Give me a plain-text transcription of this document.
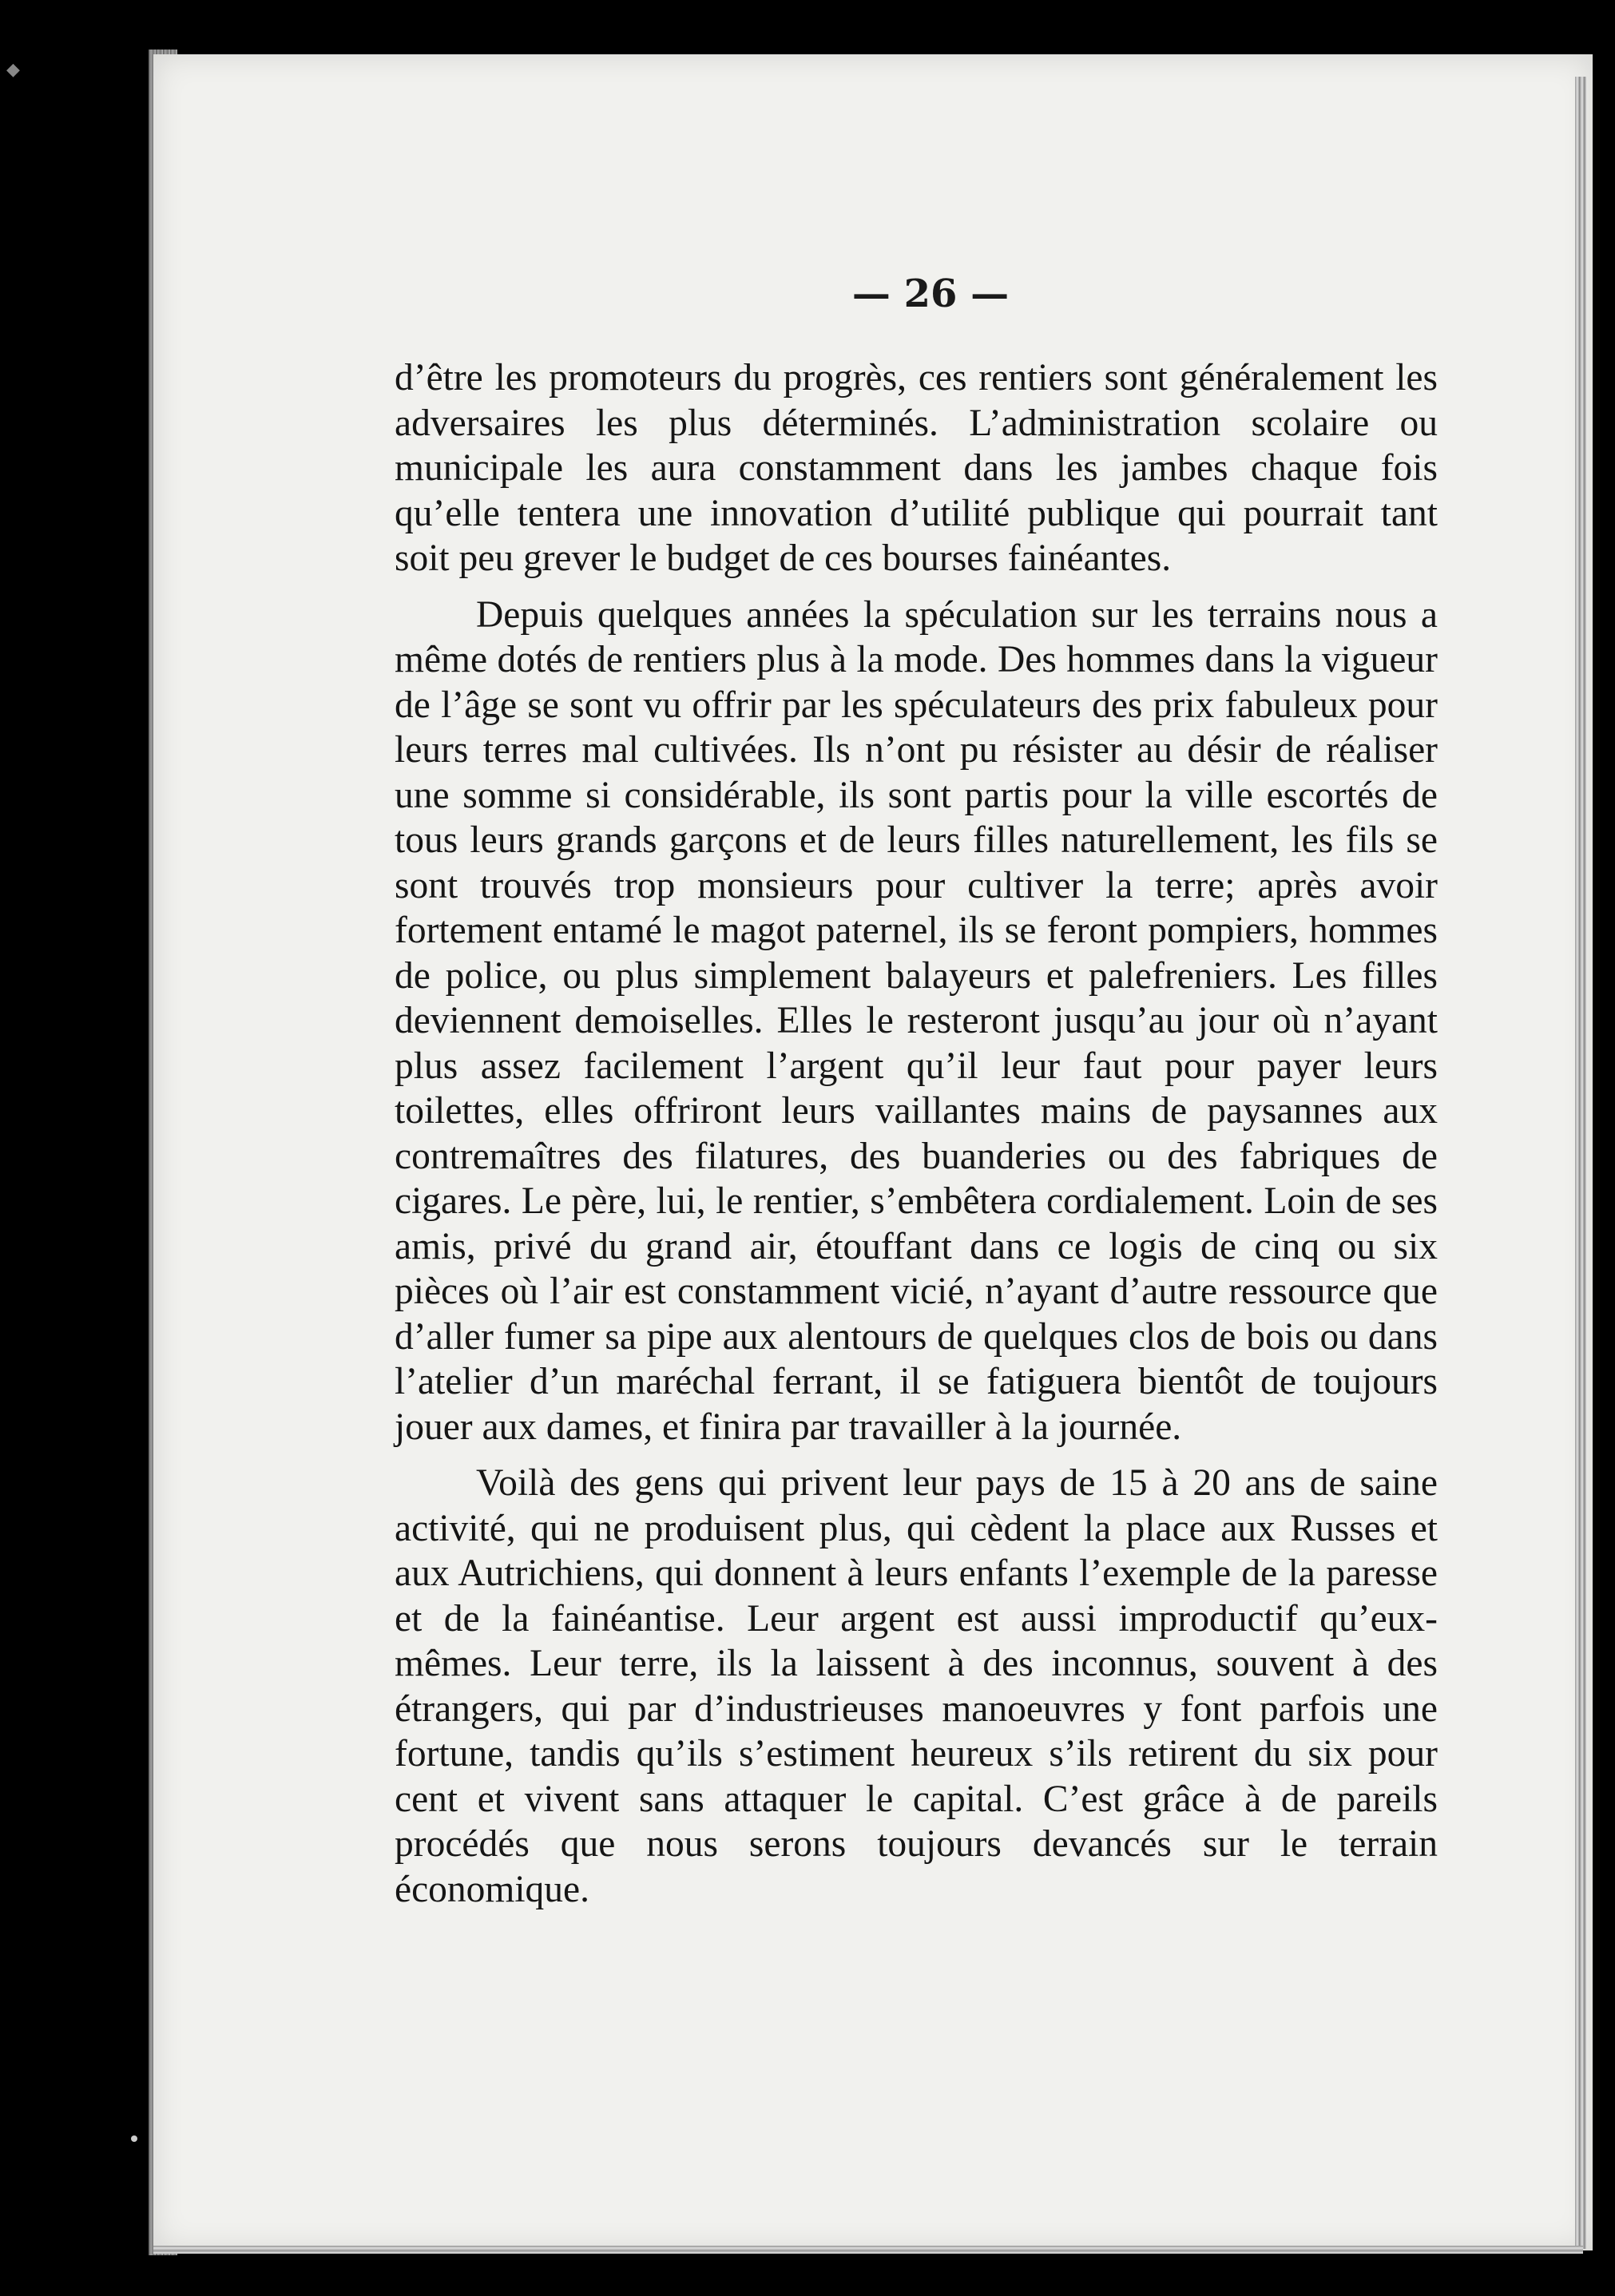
◆
— 26 —

d’être les promoteurs du progrès, ces rentiers sont généralement les adversaires les plus déterminés. L’administration scolaire ou municipale les aura constamment dans les jambes chaque fois qu’elle tentera une innovation d’utilité publique qui pourrait tant soit peu grever le budget de ces bourses fainéantes.

Depuis quelques années la spéculation sur les terrains nous a même dotés de rentiers plus à la mode. Des hommes dans la vigueur de l’âge se sont vu offrir par les spéculateurs des prix fabuleux pour leurs terres mal cultivées. Ils n’ont pu résister au désir de réaliser une somme si considérable, ils sont partis pour la ville escortés de tous leurs grands garçons et de leurs filles naturellement, les fils se sont trouvés trop monsieurs pour cultiver la terre; après avoir fortement entamé le magot paternel, ils se feront pompiers, hommes de police, ou plus simplement balayeurs et palefreniers. Les filles deviennent demoiselles. Elles le resteront jusqu’au jour où n’ayant plus assez facilement l’argent qu’il leur faut pour payer leurs toilettes, elles offriront leurs vaillantes mains de paysannes aux contremaîtres des filatures, des buanderies ou des fabriques de cigares. Le père, lui, le rentier, s’embêtera cordialement. Loin de ses amis, privé du grand air, étouffant dans ce logis de cinq ou six pièces où l’air est constamment vicié, n’ayant d’autre ressource que d’aller fumer sa pipe aux alentours de quelques clos de bois ou dans l’atelier d’un maréchal ferrant, il se fatiguera bientôt de toujours jouer aux dames, et finira par travailler à la journée.

Voilà des gens qui privent leur pays de 15 à 20 ans de saine activité, qui ne produisent plus, qui cèdent la place aux Russes et aux Autrichiens, qui donnent à leurs enfants l’exemple de la paresse et de la fainéantise. Leur argent est aussi improductif qu’eux-mêmes. Leur terre, ils la laissent à des inconnus, souvent à des étrangers, qui par d’industrieuses manoeuvres y font parfois une fortune, tandis qu’ils s’estiment heureux s’ils retirent du six pour cent et vivent sans attaquer le capital. C’est grâce à de pareils procédés que nous serons toujours devancés sur le terrain économique.
